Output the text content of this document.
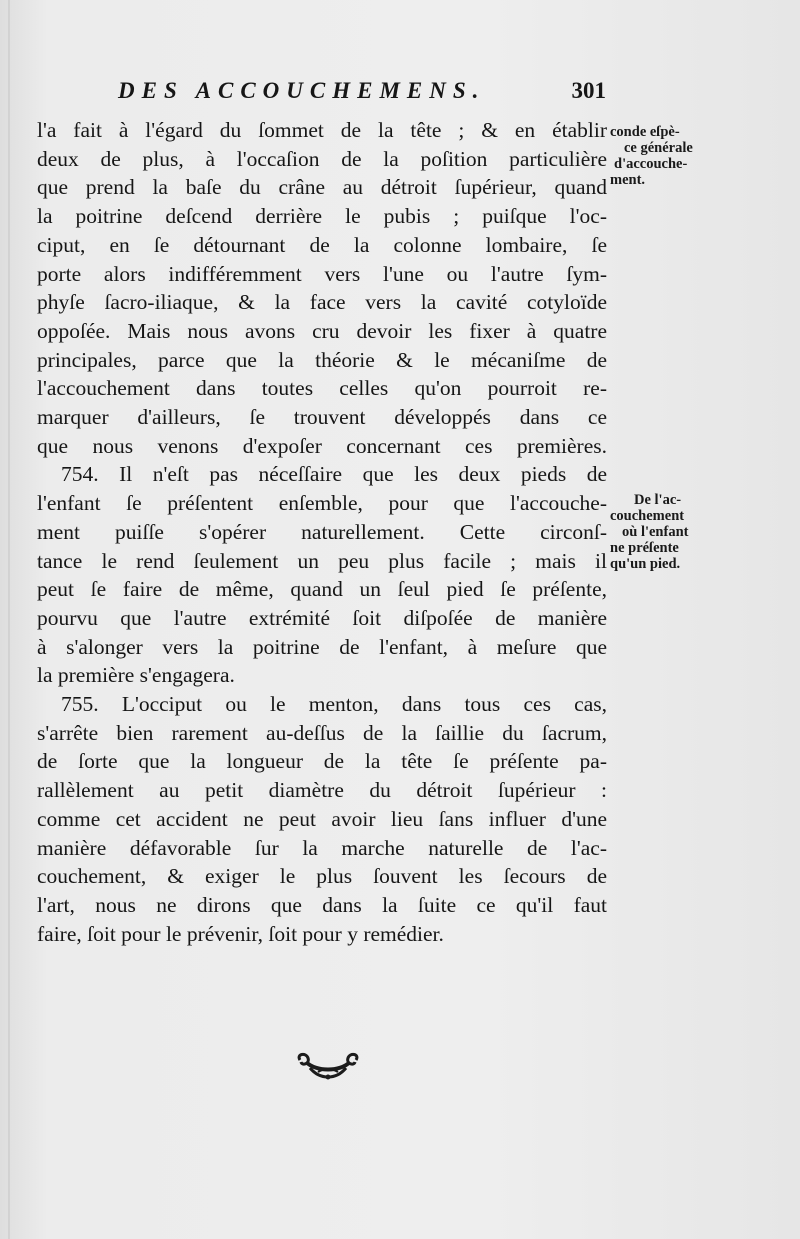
DES ACCOUCHEMENS.	301
l'a fait à l'égard du ſommet de la tête ; & en établir
deux de plus, à l'occaſion de la poſition particulière
que prend la baſe du crâne au détroit ſupérieur, quand
la poitrine deſcend derrière le pubis ; puiſque l'oc-
ciput, en ſe détournant de la colonne lombaire, ſe
porte alors indifféremment vers l'une ou l'autre ſym-
phyſe ſacro-iliaque, & la face vers la cavité cotyloïde
oppoſée. Mais nous avons cru devoir les fixer à quatre
principales, parce que la théorie & le mécaniſme de
l'accouchement dans toutes celles qu'on pourroit re-
marquer d'ailleurs, ſe trouvent développés dans ce
que nous venons d'expoſer concernant ces premières.
754. Il n'eſt pas néceſſaire que les deux pieds de
l'enfant ſe préſentent enſemble, pour que l'accouche-
ment puiſſe s'opérer naturellement. Cette circonſ-
tance le rend ſeulement un peu plus facile ; mais il
peut ſe faire de même, quand un ſeul pied ſe préſente,
pourvu que l'autre extrémité ſoit diſpoſée de manière
à s'alonger vers la poitrine de l'enfant, à meſure que
la première s'engagera.
755. L'occiput ou le menton, dans tous ces cas,
s'arrête bien rarement au-deſſus de la ſaillie du ſacrum,
de ſorte que la longueur de la tête ſe préſente pa-
rallèlement au petit diamètre du détroit ſupérieur :
comme cet accident ne peut avoir lieu ſans influer d'une
manière défavorable ſur la marche naturelle de l'ac-
couchement, & exiger le plus ſouvent les ſecours de
l'art, nous ne dirons que dans la ſuite ce qu'il faut
faire, ſoit pour le prévenir, ſoit pour y remédier.
conde eſpè-
ce générale
d'accouche-
ment.
De l'ac-
couchement
où l'enfant
ne préſente
qu'un pied.
